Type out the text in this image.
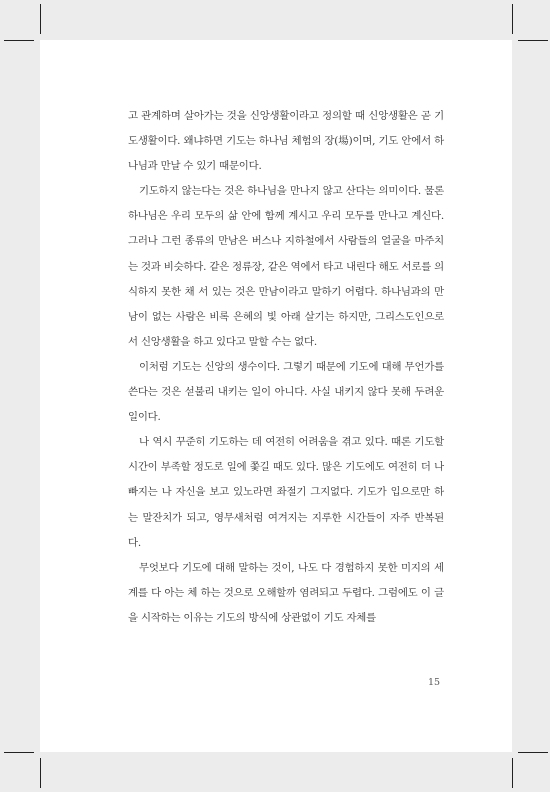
고 관계하며 살아가는 것을 신앙생활이라고 정의할 때 신앙생활은 곧 기도생활이다. 왜냐하면 기도는 하나님 체험의 장(場)이며, 기도 안에서 하나님과 만날 수 있기 때문이다.

기도하지 않는다는 것은 하나님을 만나지 않고 산다는 의미이다. 물론 하나님은 우리 모두의 삶 안에 함께 계시고 우리 모두를 만나고 계신다. 그러나 그런 종류의 만남은 버스나 지하철에서 사람들의 얼굴을 마주치는 것과 비슷하다. 같은 정류장, 같은 역에서 타고 내린다 해도 서로를 의식하지 못한 채 서 있는 것은 만남이라고 말하기 어렵다. 하나님과의 만남이 없는 사람은 비록 은혜의 빛 아래 살기는 하지만, 그리스도인으로서 신앙생활을 하고 있다고 말할 수는 없다.

이처럼 기도는 신앙의 생수이다. 그렇기 때문에 기도에 대해 무언가를 쓴다는 것은 섣불리 내키는 일이 아니다. 사실 내키지 않다 못해 두려운 일이다.

나 역시 꾸준히 기도하는 데 여전히 어려움을 겪고 있다. 때론 기도할 시간이 부족할 정도로 일에 쫓길 때도 있다. 많은 기도에도 여전히 더 나빠지는 나 자신을 보고 있노라면 좌절기 그지없다. 기도가 입으로만 하는 말잔치가 되고, 영무새처럼 여겨지는 지루한 시간들이 자주 반복된다.

무엇보다 기도에 대해 말하는 것이, 나도 다 경험하지 못한 미지의 세계를 다 아는 체 하는 것으로 오해할까 염려되고 두렵다. 그럼에도 이 글을 시작하는 이유는 기도의 방식에 상관없이 기도 자체를

15
